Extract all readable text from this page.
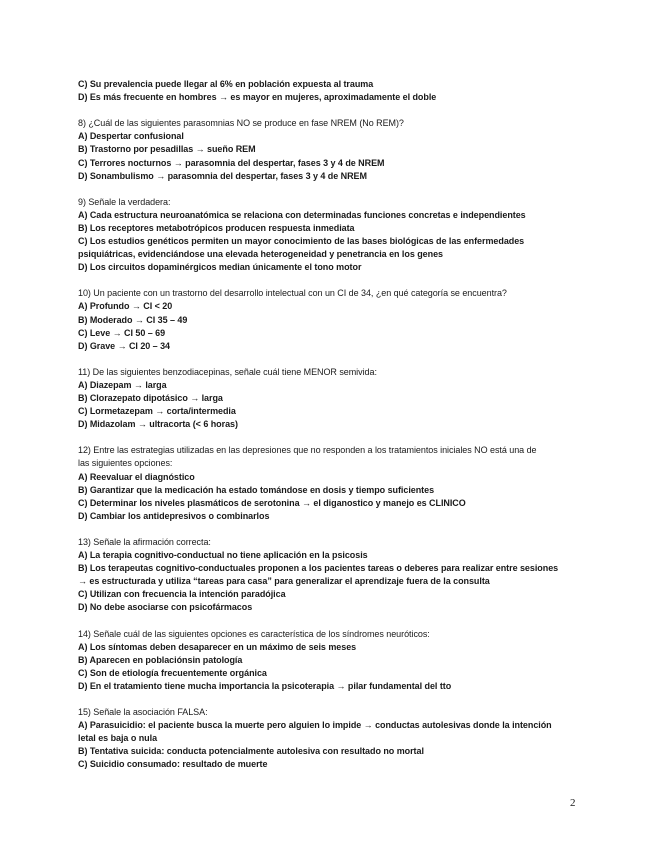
C) Su prevalencia puede llegar al 6% en población expuesta al trauma
D) Es más frecuente en hombres → es mayor en mujeres, aproximadamente el doble
8) ¿Cuál de las siguientes parasomnias NO se produce en fase NREM (No REM)?
A) Despertar confusional
B) Trastorno por pesadillas → sueño REM
C) Terrores nocturnos → parasomnia del despertar, fases 3 y 4 de NREM
D) Sonambulismo → parasomnia del despertar, fases 3 y 4 de NREM
9) Señale la verdadera:
A) Cada estructura neuroanatómica se relaciona con determinadas funciones concretas e independientes
B) Los receptores metabotrópicos producen respuesta inmediata
C) Los estudios genéticos permiten un mayor conocimiento de las bases biológicas de las enfermedades
psiquiátricas, evidenciándose una elevada heterogeneidad y penetrancia en los genes
D) Los circuitos dopaminérgicos median únicamente el tono motor
10) Un paciente con un trastorno del desarrollo intelectual con un CI de 34, ¿en qué categoría se encuentra?
A) Profundo → CI < 20
B) Moderado → CI 35 – 49
C) Leve → CI 50 – 69
D) Grave → CI 20 – 34
11) De las siguientes benzodiacepinas, señale cuál tiene MENOR semivida:
A) Diazepam → larga
B) Clorazepato dipotásico → larga
C) Lormetazepam → corta/intermedia
D) Midazolam → ultracorta (< 6 horas)
12) Entre las estrategias utilizadas en las depresiones que no responden a los tratamientos iniciales NO está una de
las siguientes opciones:
A) Reevaluar el diagnóstico
B) Garantizar que la medicación ha estado tomándose en dosis y tiempo suficientes
C) Determinar los niveles plasmáticos de serotonina → el diganostico y manejo es CLINICO
D) Cambiar los antidepresivos o combinarlos
13) Señale la afirmación correcta:
A) La terapia cognitivo-conductual no tiene aplicación en la psicosis
B) Los terapeutas cognitivo-conductuales proponen a los pacientes tareas o deberes para realizar entre sesiones
→ es estructurada y utiliza “tareas para casa” para generalizar el aprendizaje fuera de la consulta
C) Utilizan con frecuencia la intención paradójica
D) No debe asociarse con psicofármacos
14) Señale cuál de las siguientes opciones es característica de los síndromes neuróticos:
A) Los síntomas deben desaparecer en un máximo de seis meses
B) Aparecen en poblaciónsin patología
C) Son de etiología frecuentemente orgánica
D) En el tratamiento tiene mucha importancia la psicoterapia → pilar fundamental del tto
15) Señale la asociación FALSA:
A) Parasuicidio: el paciente busca la muerte pero alguien lo impide → conductas autolesivas donde la intención
letal es baja o nula
B) Tentativa suicida: conducta potencialmente autolesiva con resultado no mortal
C) Suicidio consumado: resultado de muerte
2
